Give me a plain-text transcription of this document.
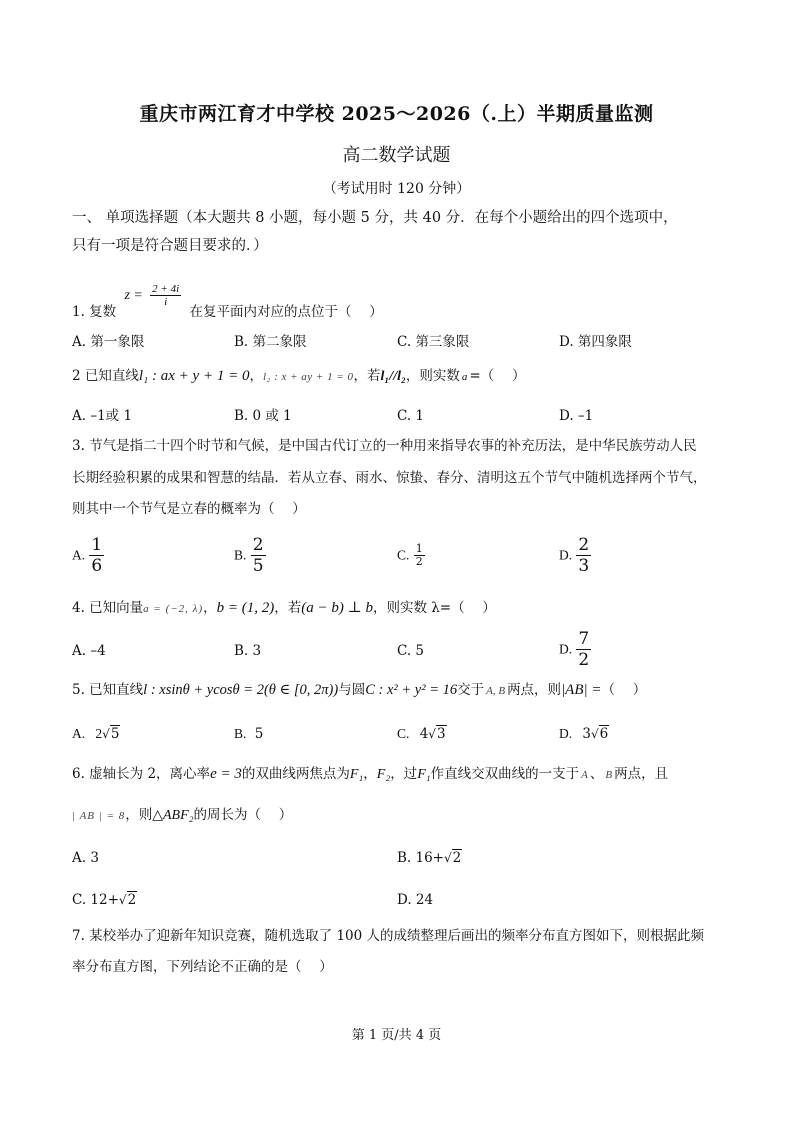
重庆市两江育才中学校 2025～2026（.上）半期质量监测
高二数学试题
（考试用时 120 分钟）
一、 单项选择题（本大题共 8 小题，每小题 5 分，共 40 分．在每个小题给出的四个选项中，
只有一项是符合题目要求的．）
1. 复数 $z = \frac{2 + 4i}{i}$
在复平面内对应的点位于（　 ）
A. 第一象限	B. 第二象限	C. 第三象限	D. 第四象限
2 已知直线l₁ : ax + y + 1 = 0，l₂ : x + ay + 1 = 0，若l₁//l₂，则实数 a =（　 ）
A. –1或 1	B. 0 或 1	C. 1	D. –1
3. 节气是指二十四个时节和气候，是中国古代订立的一种用来指导农事的补充历法，是中华民族劳动人民
长期经验积累的成果和智慧的结晶．若从立春、雨水、惊蛰、春分、清明这五个节气中随机选择两个节气，
则其中一个节气是立春的概率为（　 ）
A. $\frac{1}{6}$	B. $\frac{2}{5}$	C. $\frac{1}{2}$	D. $\frac{2}{3}$
4. 已知向量a = (−2, λ)，b = (1, 2)，若(a − b) ⊥ b，则实数 λ=（　 ）
A. –4	B. 3	C. 5	D. $\frac{7}{2}$
5. 已知直线l : xsinθ + ycosθ = 2(θ ∈ [0, 2π))与圆C : x² + y² = 16交于 A, B 两点，则|AB| =（　 ）
A. 2√5	B. 5	C. 4√3	D. 3√6
6. 虚轴长为 2，离心率e = 3的双曲线两焦点为F₁，F₂，过F₁作直线交双曲线的一支于 A 、 B 两点，且
| AB | = 8，则△ABF₂的周长为（　 ）
A. 3	B. 16+√2
C. 12+√2	D. 24
7. 某校举办了迎新年知识竞赛，随机选取了 100 人的成绩整理后画出的频率分布直方图如下，则根据此频
率分布直方图，下列结论不正确的是（　 ）
第 1 页/共 4 页
